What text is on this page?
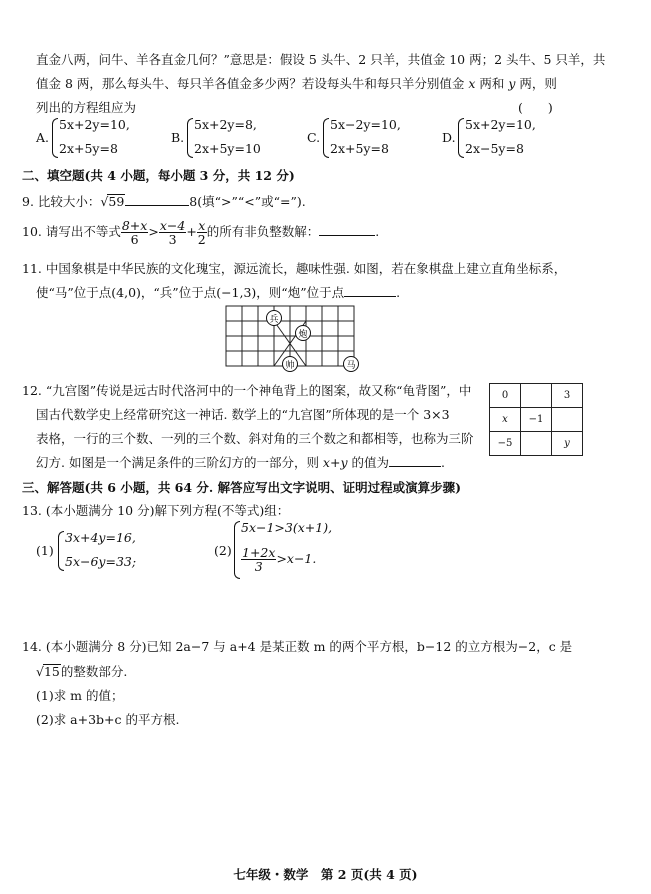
直金八两，问牛、羊各直金几何？”意思是：假设 5 头牛、2 只羊，共值金 10 两；2 头牛、5 只羊，共
值金 8 两，那么每头牛、每只羊各值金多少两？若设每头牛和每只羊分别值金 x 两和 y 两，则
列出的方程组应为	(　　)
A.
5x+2y=10,
2x+5y=8
B.
5x+2y=8,
2x+5y=10
C.
5x−2y=10,
2x+5y=8
D.
5x+2y=10,
2x−5y=8
二、填空题(共 4 小题，每小题 3 分，共 12 分)
9. 比较大小：√59	8(填“>”“<”或“=”).
10. 请写出不等式 $\frac{8+x}{6} > \frac{x-4}{3} + \frac{x}{2}$ 的所有非负整数解：	.
11. 中国象棋是中华民族的文化瑰宝，源远流长，趣味性强. 如图，若在象棋盘上建立直角坐标系，
使“马”位于点(4,0)，“兵”位于点(−1,3)，则“炮”位于点	.
兵
炮
帅	马
12. “九宫图”传说是远古时代洛河中的一个神龟背上的图案，故又称“龟背图”，中
国古代数学史上经常研究这一神话. 数学上的“九宫图”所体现的是一个 3×3
表格，一行的三个数、一列的三个数、斜对角的三个数之和都相等，也称为三阶
幻方. 如图是一个满足条件的三阶幻方的一部分，则 x+y 的值为	.
0		3
x	−1	
−5		y
三、解答题(共 6 小题，共 64 分. 解答应写出文字说明、证明过程或演算步骤)
13. (本小题满分 10 分)解下列方程(不等式)组：
(1)
3x+4y=16,
5x−6y=33;
(2)
5x−1>3(x+1),
$\frac{1+2x}{3} >x-1$.
14. (本小题满分 8 分)已知 2a−7 与 a+4 是某正数 m 的两个平方根，b−12 的立方根为−2，c 是
√15的整数部分.
(1)求 m 的值；
(2)求 a+3b+c 的平方根.
七年级・数学　第 2 页(共 4 页)
